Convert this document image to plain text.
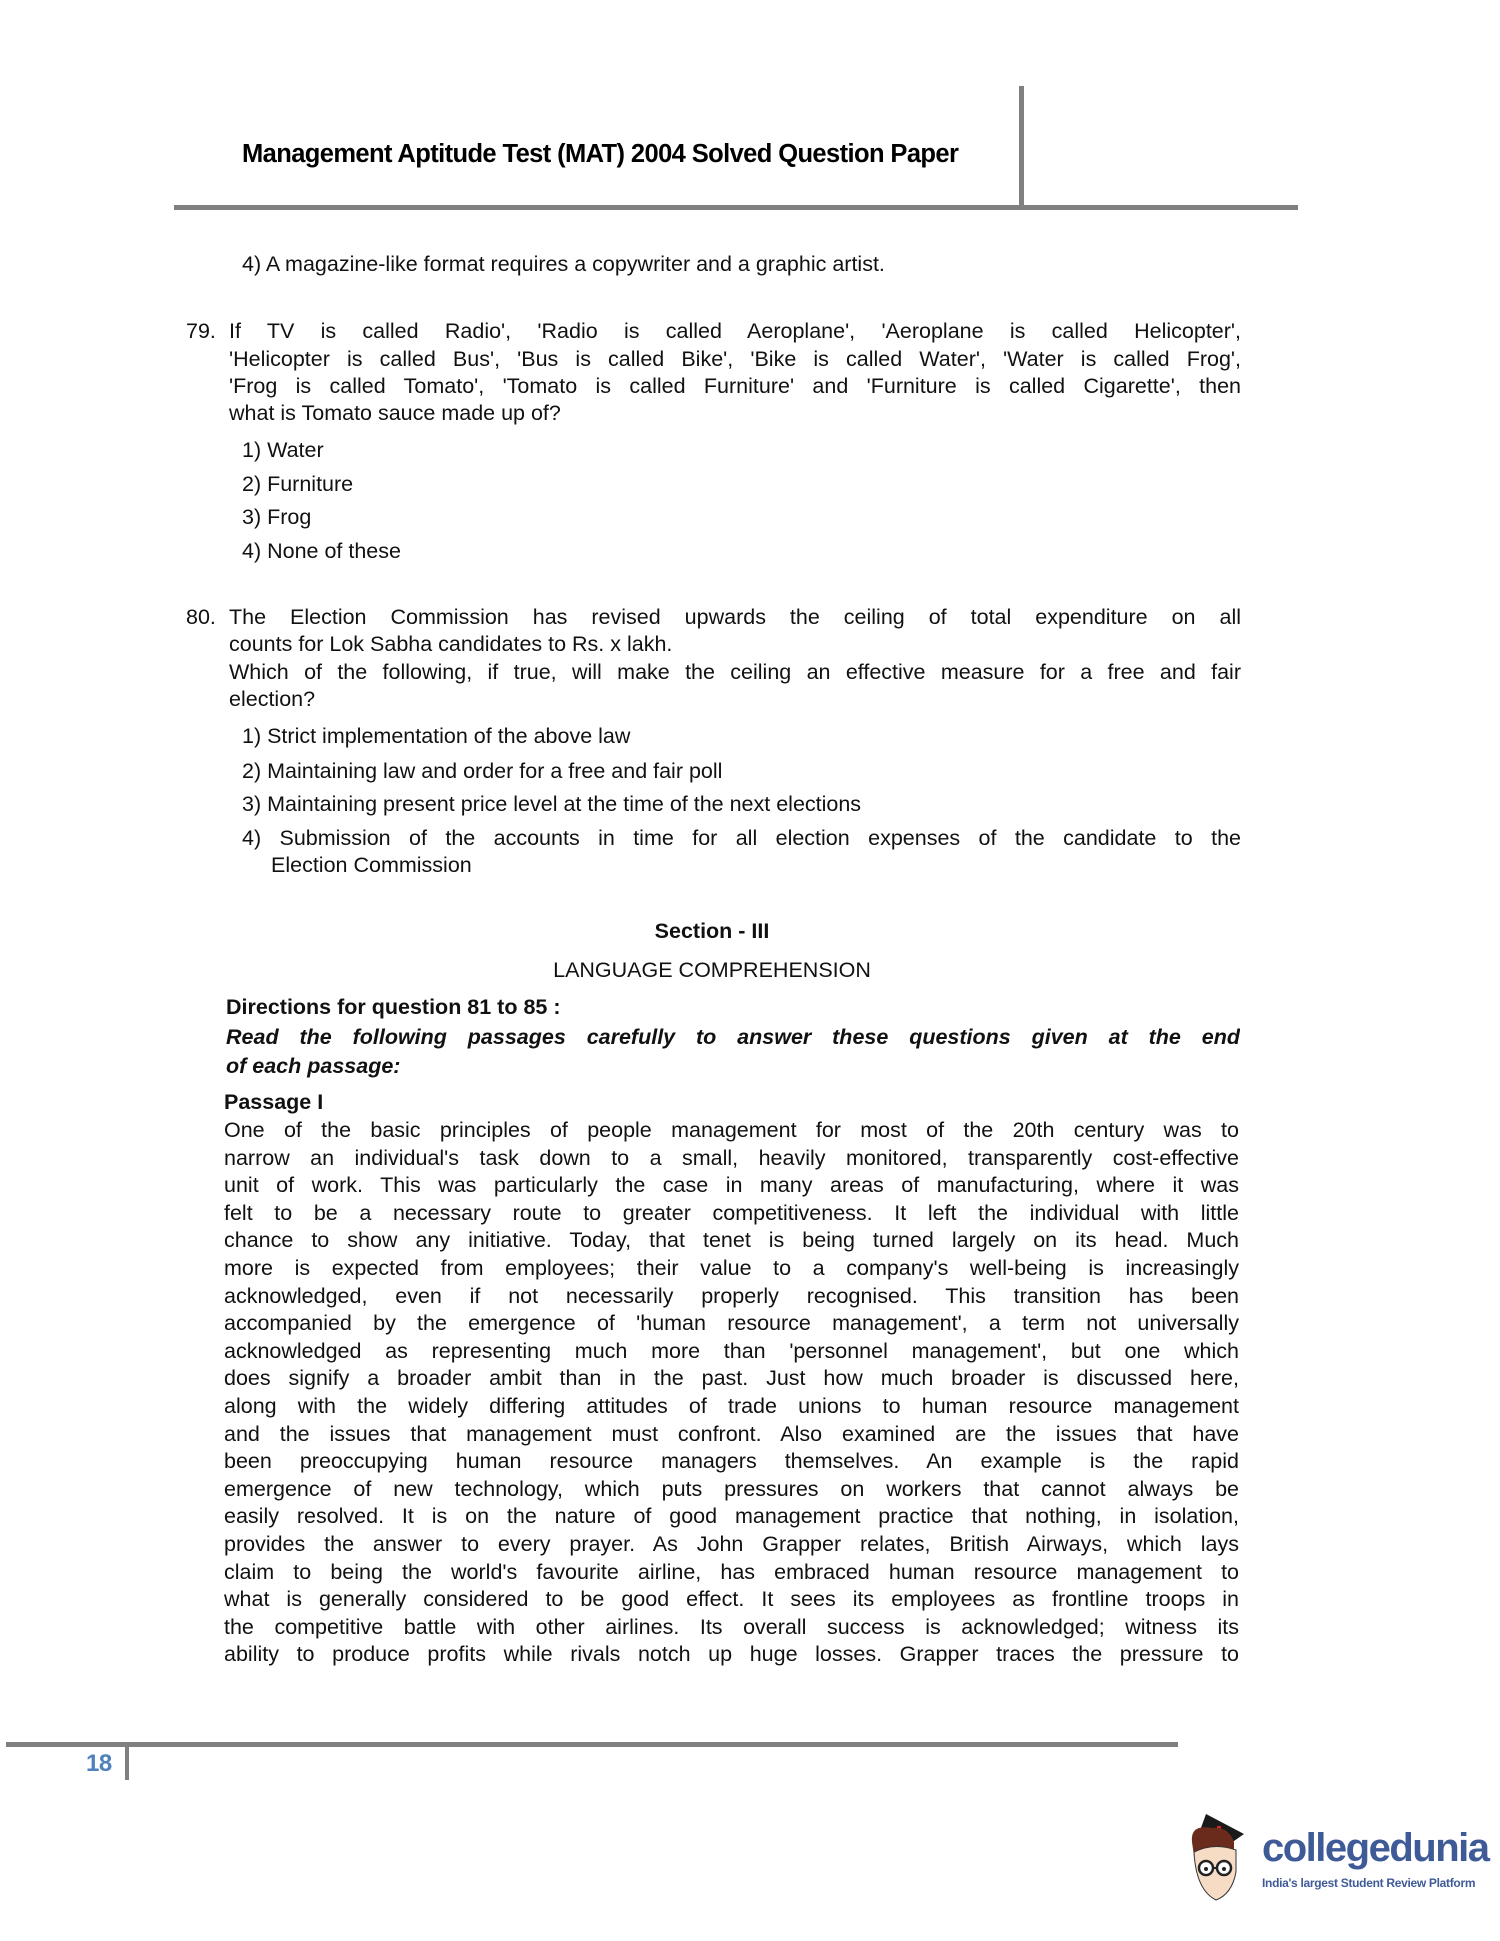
Management Aptitude Test (MAT) 2004 Solved Question Paper
4) A magazine-like format requires a copywriter and a graphic artist.
79. If TV is called Radio', 'Radio is called Aeroplane', 'Aeroplane is called Helicopter',
'Helicopter is called Bus', 'Bus is called Bike', 'Bike is called Water', 'Water is called Frog',
'Frog is called Tomato', 'Tomato is called Furniture' and 'Furniture is called Cigarette', then
what is Tomato sauce made up of?
1) Water
2) Furniture
3) Frog
4) None of these
80.
Election Commission
The Election Commission has revised upwards the ceiling of total expenditure on all
counts for Lok Sabha candidates to Rs. x lakh.
Which of the following, if true, will make the ceiling an effective measure for a free and fair
election?
1) Strict implementation of the above law
2) Maintaining law and order for a free and fair poll
3) Maintaining present price level at the time of the next elections
4) Submission of the accounts in time for all election expenses of the candidate to the
Section - III
LANGUAGE COMPREHENSION
Directions for question 81 to 85 :
Read the following passages carefully to answer these questions given at the end
of each passage:
Passage I
One of the basic principles of people management for most of the 20th century was to
narrow an individual's task down to a small, heavily monitored, transparently cost-effective
unit of work. This was particularly the case in many areas of manufacturing, where it was
felt to be a necessary route to greater competitiveness. It left the individual with little
chance to show any initiative. Today, that tenet is being turned largely on its head. Much
more is expected from employees; their value to a company's well-being is increasingly
acknowledged, even if not necessarily properly recognised. This transition has been
accompanied by the emergence of 'human resource management', a term not universally
acknowledged as representing much more than 'personnel management', but one which
does signify a broader ambit than in the past. Just how much broader is discussed here,
along with the widely differing attitudes of trade unions to human resource management
and the issues that management must confront. Also examined are the issues that have
been preoccupying human resource managers themselves. An example is the rapid
emergence of new technology, which puts pressures on workers that cannot always be
easily resolved. It is on the nature of good management practice that nothing, in isolation,
provides the answer to every prayer. As John Grapper relates, British Airways, which lays
claim to being the world's favourite airline, has embraced human resource management to
what is generally considered to be good effect. It sees its employees as frontline troops in
the competitive battle with other airlines. Its overall success is acknowledged; witness its
ability to produce profits while rivals notch up huge losses. Grapper traces the pressure to
18
collegedunia
India's largest Student Review Platform
